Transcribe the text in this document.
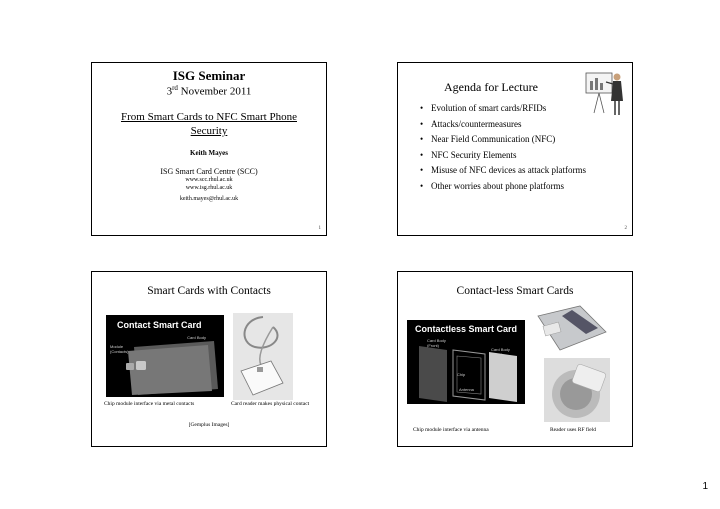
ISG Seminar
3rd November 2011
From Smart Cards to NFC Smart Phone Security
Keith Mayes
ISG Smart Card Centre (SCC)
www.scc.rhul.ac.uk
www.isg.rhul.ac.uk
keith.mayes@rhul.ac.uk
1
Agenda for Lecture
• Evolution of smart cards/RFIDs
• Attacks/countermeasures
• Near Field Communication (NFC)
• NFC Security Elements
• Misuse of NFC devices as attack platforms
• Other worries about phone platforms
2
Smart Cards with Contacts
Contact Smart Card
Card Body
Module (Contacts)
Chip module interface via metal contacts	Card reader makes physical contact
[Gemplus Images]
Contact-less Smart Cards
Contactless Smart Card
Card Body (Front)
Card Body
Chip
Antenna
Chip module interface via antenna	Reader uses RF field
1
